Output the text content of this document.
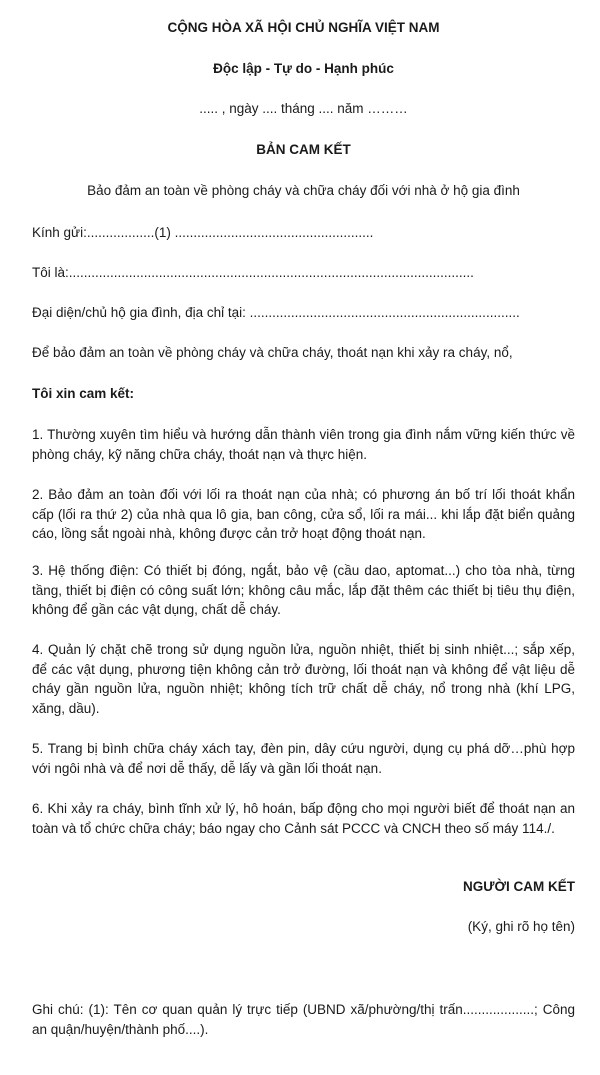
CỘNG HÒA XÃ HỘI CHỦ NGHĨA VIỆT NAM
Độc lập - Tự do - Hạnh phúc
..... , ngày .... tháng .... năm ………
BẢN CAM KẾT
Bảo đảm an toàn về phòng cháy và chữa cháy đối với nhà ở hộ gia đình
Kính gửi:..................(1) .....................................................
Tôi là:............................................................................................................
Đại diện/chủ hộ gia đình, địa chỉ tại: ........................................................................
Để bảo đảm an toàn về phòng cháy và chữa cháy, thoát nạn khi xảy ra cháy, nổ,
Tôi xin cam kết:
1. Thường xuyên tìm hiểu và hướng dẫn thành viên trong gia đình nắm vững kiến thức về phòng cháy, kỹ năng chữa cháy, thoát nạn và thực hiện.
2. Bảo đảm an toàn đối với lối ra thoát nạn của nhà; có phương án bố trí lối thoát khẩn cấp (lối ra thứ 2) của nhà qua lô gia, ban công, cửa sổ, lối ra mái... khi lắp đặt biển quảng cáo, lồng sắt ngoài nhà, không được cản trở hoạt động thoát nạn.
3. Hệ thống điện: Có thiết bị đóng, ngắt, bảo vệ (cầu dao, aptomat...) cho tòa nhà, từng tầng, thiết bị điện có công suất lớn; không câu mắc, lắp đặt thêm các thiết bị tiêu thụ điện, không để gần các vật dụng, chất dễ cháy.
4. Quản lý chặt chẽ trong sử dụng nguồn lửa, nguồn nhiệt, thiết bị sinh nhiệt...; sắp xếp, để các vật dụng, phương tiện không cản trở đường, lối thoát nạn và không để vật liệu dễ cháy gần nguồn lửa, nguồn nhiệt; không tích trữ chất dễ cháy, nổ trong nhà (khí LPG, xăng, dầu).
5. Trang bị bình chữa cháy xách tay, đèn pin, dây cứu người, dụng cụ phá dỡ…phù hợp với ngôi nhà và để nơi dễ thấy, dễ lấy và gần lối thoát nạn.
6. Khi xảy ra cháy, bình tĩnh xử lý, hô hoán, bấp động cho mọi người biết để thoát nạn an toàn và tổ chức chữa cháy; báo ngay cho Cảnh sát PCCC và CNCH theo số máy 114./.
NGƯỜI CAM KẾT
(Ký, ghi rõ họ tên)
Ghi chú: (1): Tên cơ quan quản lý trực tiếp (UBND xã/phường/thị trấn...................; Công an quận/huyện/thành phố....).
